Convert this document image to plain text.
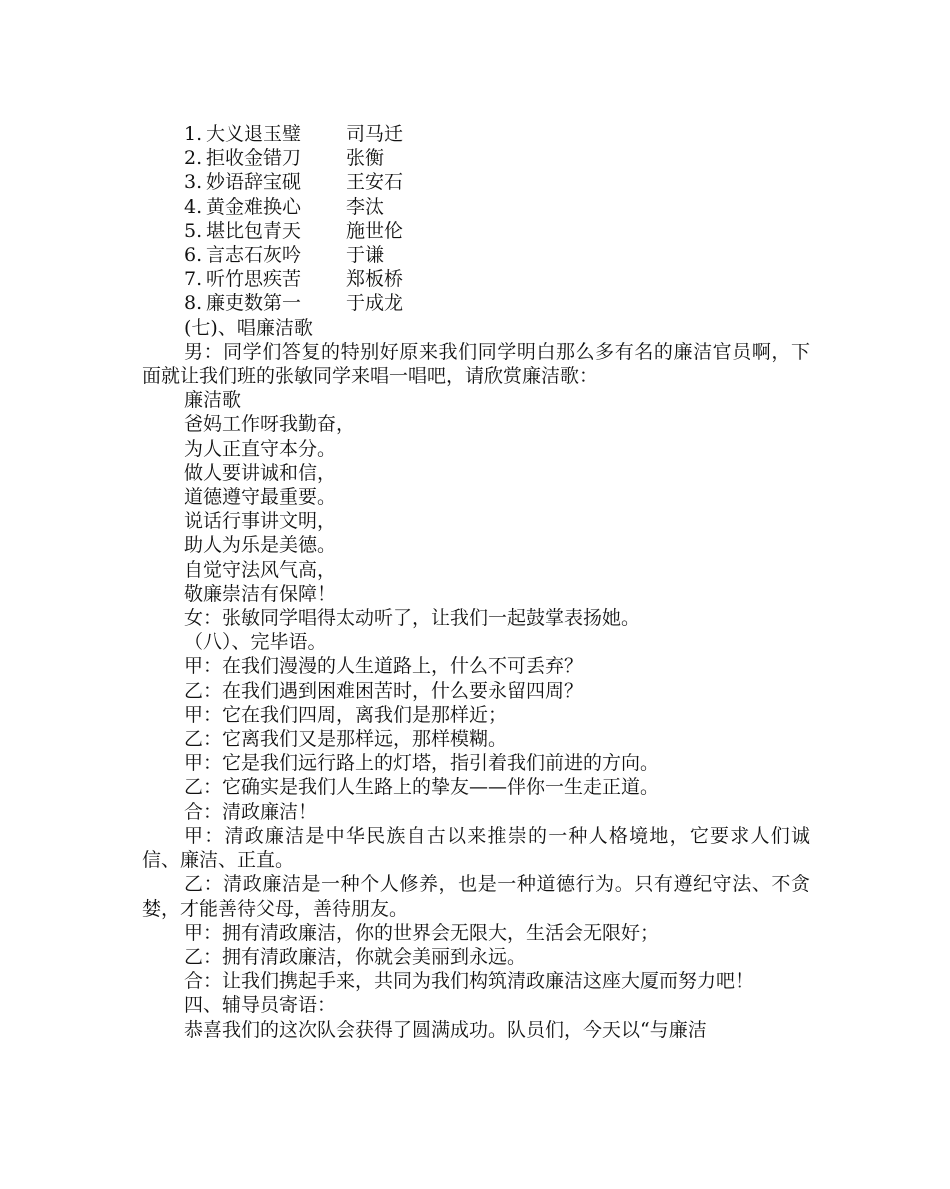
1. 大义退玉璧	司马迁
2. 拒收金错刀	张衡
3. 妙语辞宝砚	王安石
4. 黄金难换心	李汰
5. 堪比包青天	施世伦
6. 言志石灰吟	于谦
7. 听竹思疾苦	郑板桥
8. 廉吏数第一	于成龙

(七)、唱廉洁歌

男：同学们答复的特别好原来我们同学明白那么多有名的廉洁官员啊，下面就让我们班的张敏同学来唱一唱吧，请欣赏廉洁歌：

廉洁歌

爸妈工作呀我勤奋，

为人正直守本分。

做人要讲诚和信，

道德遵守最重要。

说话行事讲文明，

助人为乐是美德。

自觉守法风气高，

敬廉崇洁有保障！

女：张敏同学唱得太动听了，让我们一起鼓掌表扬她。

（八）、完毕语。

甲：在我们漫漫的人生道路上，什么不可丢弃？

乙：在我们遇到困难困苦时，什么要永留四周？

甲：它在我们四周，离我们是那样近；

乙：它离我们又是那样远，那样模糊。

甲：它是我们远行路上的灯塔，指引着我们前进的方向。

乙：它确实是我们人生路上的挚友——伴你一生走正道。

合：清政廉洁！

甲：清政廉洁是中华民族自古以来推崇的一种人格境地，它要求人们诚信、廉洁、正直。

乙：清政廉洁是一种个人修养，也是一种道德行为。只有遵纪守法、不贪婪，才能善待父母，善待朋友。

甲：拥有清政廉洁，你的世界会无限大，生活会无限好；

乙：拥有清政廉洁，你就会美丽到永远。

合：让我们携起手来，共同为我们构筑清政廉洁这座大厦而努力吧！

四、辅导员寄语：

恭喜我们的这次队会获得了圆满成功。队员们，今天以“与廉洁
